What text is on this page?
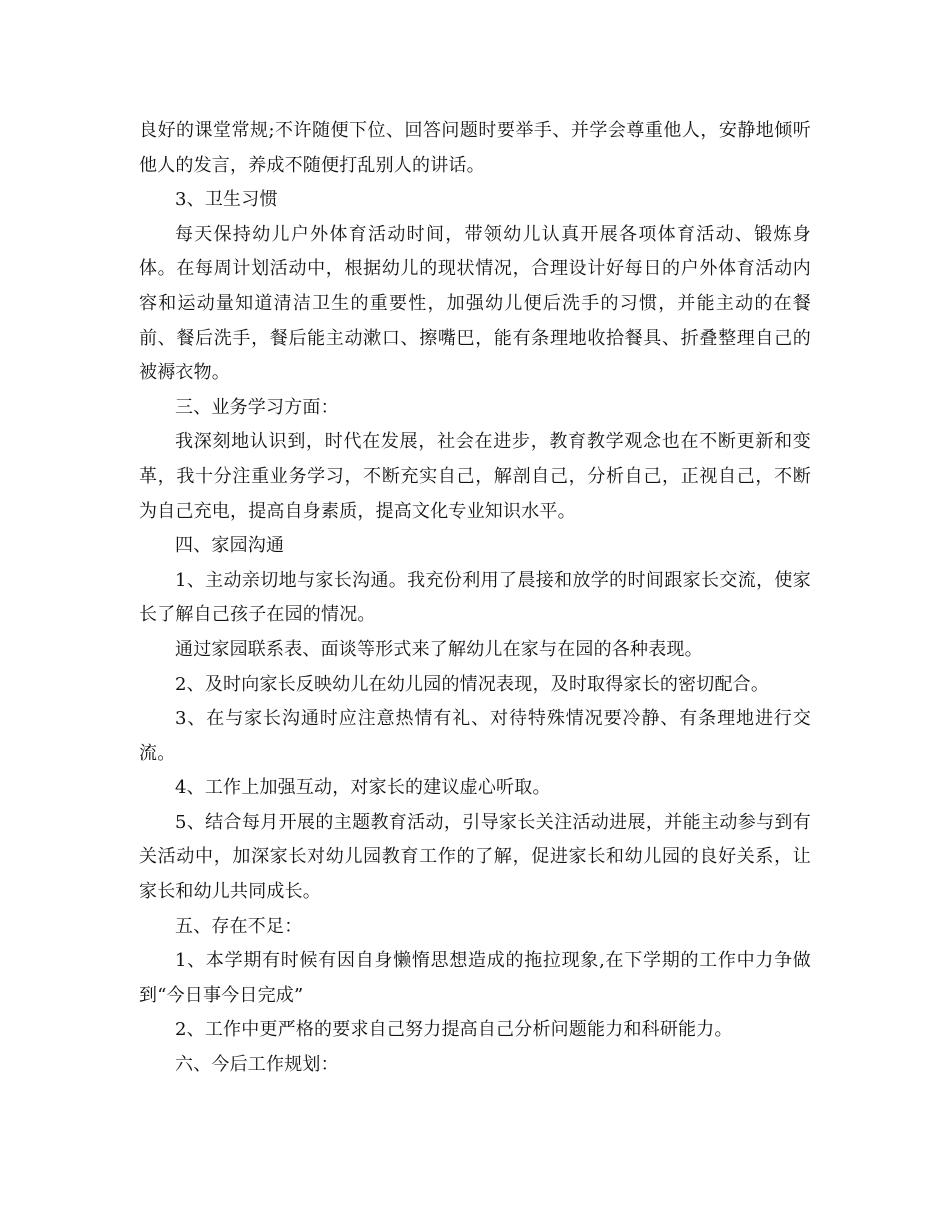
良好的课堂常规;不许随便下位、回答问题时要举手、并学会尊重他人，安静地倾听他人的发言，养成不随便打乱别人的讲话。

3、卫生习惯

每天保持幼儿户外体育活动时间，带领幼儿认真开展各项体育活动、锻炼身体。在每周计划活动中，根据幼儿的现状情况，合理设计好每日的户外体育活动内容和运动量知道清洁卫生的重要性，加强幼儿便后洗手的习惯，并能主动的在餐前、餐后洗手，餐后能主动漱口、擦嘴巴，能有条理地收拾餐具、折叠整理自己的被褥衣物。

三、业务学习方面：

我深刻地认识到，时代在发展，社会在进步，教育教学观念也在不断更新和变革，我十分注重业务学习，不断充实自己，解剖自己，分析自己，正视自己，不断为自己充电，提高自身素质，提高文化专业知识水平。

四、家园沟通

1、主动亲切地与家长沟通。我充份利用了晨接和放学的时间跟家长交流，使家长了解自己孩子在园的情况。

通过家园联系表、面谈等形式来了解幼儿在家与在园的各种表现。

2、及时向家长反映幼儿在幼儿园的情况表现，及时取得家长的密切配合。

3、在与家长沟通时应注意热情有礼、对待特殊情况要冷静、有条理地进行交流。

4、工作上加强互动，对家长的建议虚心听取。

5、结合每月开展的主题教育活动，引导家长关注活动进展，并能主动参与到有关活动中，加深家长对幼儿园教育工作的了解，促进家长和幼儿园的良好关系，让家长和幼儿共同成长。

五、存在不足：

1、本学期有时候有因自身懒惰思想造成的拖拉现象,在下学期的工作中力争做到“今日事今日完成”

2、工作中更严格的要求自己努力提高自己分析问题能力和科研能力。

六、今后工作规划：
